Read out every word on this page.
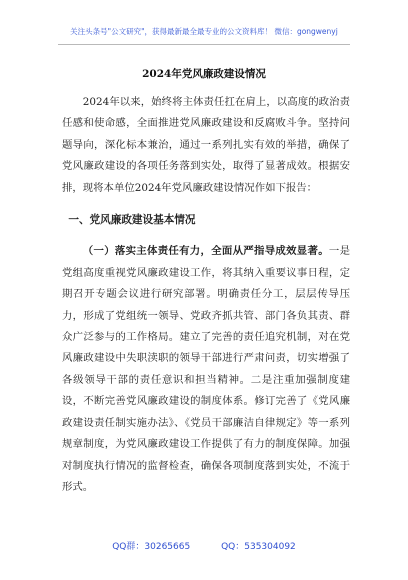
关注头条号"公文研究"，获得最新最全最专业的公文资料库！ 微信：gongwenyj
2024年党风廉政建设情况

2024年以来，始终将主体责任扛在肩上，以高度的政治责任感和使命感，全面推进党风廉政建设和反腐败斗争。坚持问题导向，深化标本兼治，通过一系列扎实有效的举措，确保了党风廉政建设的各项任务落到实处，取得了显著成效。根据安排，现将本单位2024年党风廉政建设情况作如下报告：

一、党风廉政建设基本情况

（一）落实主体责任有力，全面从严指导成效显著。一是党组高度重视党风廉政建设工作，将其纳入重要议事日程，定期召开专题会议进行研究部署。明确责任分工，层层传导压力，形成了党组统一领导、党政齐抓共管、部门各负其责、群众广泛参与的工作格局。建立了完善的责任追究机制，对在党风廉政建设中失职渎职的领导干部进行严肃问责，切实增强了各级领导干部的责任意识和担当精神。二是注重加强制度建设，不断完善党风廉政建设的制度体系。修订完善了《党风廉政建设责任制实施办法》、《党员干部廉洁自律规定》等一系列规章制度，为党风廉政建设工作提供了有力的制度保障。加强对制度执行情况的监督检查，确保各项制度落到实处，不流于形式。

QQ群：30265665	QQ：535304092
